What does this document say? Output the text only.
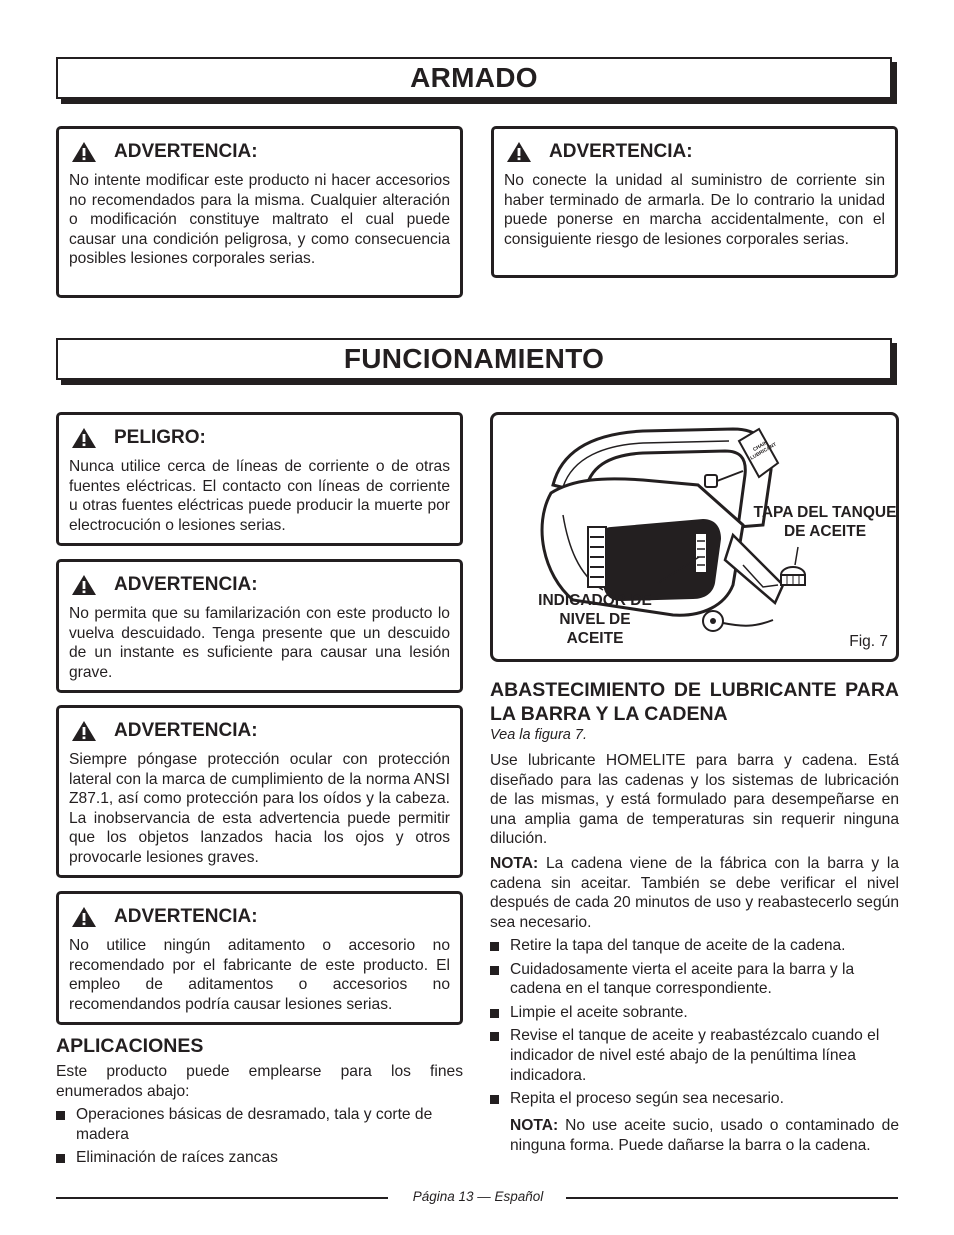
ARMADO
ADVERTENCIA:

No intente modificar este producto ni hacer accesorios no recomendados para la misma. Cualquier alteración o modificación constituye maltrato el cual puede causar una condición peligrosa, y como consecuencia posibles lesiones corporales serias.

ADVERTENCIA:

No conecte la unidad al suministro de corriente sin haber terminado de armarla. De lo contrario la unidad puede ponerse en marcha accidentalmente, con el consiguiente riesgo de lesiones corporales serias.

FUNCIONAMIENTO
PELIGRO:

Nunca utilice cerca de líneas de corriente o de otras fuentes eléctricas. El contacto con líneas de corriente u otras fuentes eléctricas puede producir la muerte por electrocución o lesiones serias.

ADVERTENCIA:

No permita que su familarización con este producto lo vuelva descuidado. Tenga presente que un descuido de un instante es suficiente para causar una lesión grave.

ADVERTENCIA:

Siempre póngase protección ocular con protección lateral con la marca de cumplimiento de la norma ANSI Z87.1, así como protección para los oídos y la cabeza. La inobservancia de esta advertencia puede permitir que los objetos lanzados hacia los ojos y otros provocarle lesiones graves.

ADVERTENCIA:

No utilice ningún aditamento o accesorio no recomendado por el fabricante de este producto. El empleo de aditamentos o accesorios no recomendandos podría causar lesiones serias.

CHAIN LUBRICANT
TAPA DEL TANQUE DE ACEITE
INDICADOR DE NIVEL DE ACEITE	Fig. 7
ABASTECIMIENTO DE LUBRICANTE PARA LA BARRA Y LA CADENA
Vea la figura 7.

Use lubricante HOMELITE para barra y cadena. Está diseñado para las cadenas y los sistemas de lubricación de las mismas, y está formulado para desempeñarse en una amplia gama de temperaturas sin requerir ninguna dilución.

NOTA: La cadena viene de la fábrica con la barra y la cadena sin aceitar. También se debe verificar el nivel después de cada 20 minutos de uso y reabastecerlo según sea necesario.

Retire la tapa del tanque de aceite de la cadena.
Cuidadosamente vierta el aceite para la barra y la cadena en el tanque correspondiente.
Limpie el aceite sobrante.
Revise el tanque de aceite y reabastézcalo cuando el indicador de nivel esté abajo de la penúltima línea indicadora.
Repita el proceso según sea necesario.

NOTA: No use aceite sucio, usado o contaminado de ninguna forma. Puede dañarse la barra o la cadena.

APLICACIONES

Este producto puede emplearse para los fines enumerados abajo:

Operaciones básicas de desramado, tala y corte de madera
Eliminación de raíces zancas
Página 13 — Español
